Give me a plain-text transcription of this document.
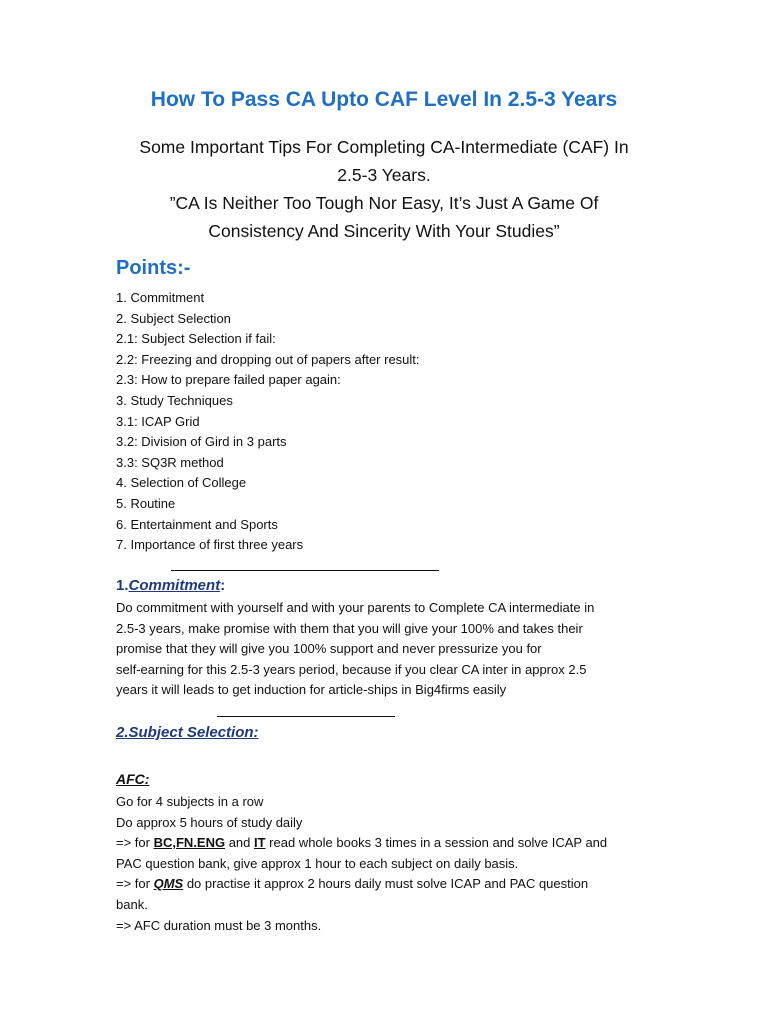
How To Pass CA Upto CAF Level In 2.5-3 Years
Some Important Tips For Completing CA-Intermediate (CAF) In
2.5-3 Years.
”CA Is Neither Too Tough Nor Easy, It’s Just A Game Of
Consistency And Sincerity With Your Studies”
Points:-
1. Commitment
2. Subject Selection
2.1: Subject Selection if fail:
2.2: Freezing and dropping out of papers after result:
2.3: How to prepare failed paper again:
3. Study Techniques
3.1: ICAP Grid
3.2: Division of Gird in 3 parts
3.3: SQ3R method
4. Selection of College
5. Routine
6. Entertainment and Sports
7. Importance of first three years
1.Commitment:
Do commitment with yourself and with your parents to Complete CA intermediate in
2.5-3 years, make promise with them that you will give your 100% and takes their
promise that they will give you 100% support and never pressurize you for
self-earning for this 2.5-3 years period, because if you clear CA inter in approx 2.5
years it will leads to get induction for article-ships in Big4firms easily
2.Subject Selection:
AFC:
Go for 4 subjects in a row
Do approx 5 hours of study daily
=> for BC,FN.ENG and IT read whole books 3 times in a session and solve ICAP and
PAC question bank, give approx 1 hour to each subject on daily basis.
=> for QMS do practise it approx 2 hours daily must solve ICAP and PAC question
bank.
=> AFC duration must be 3 months.
